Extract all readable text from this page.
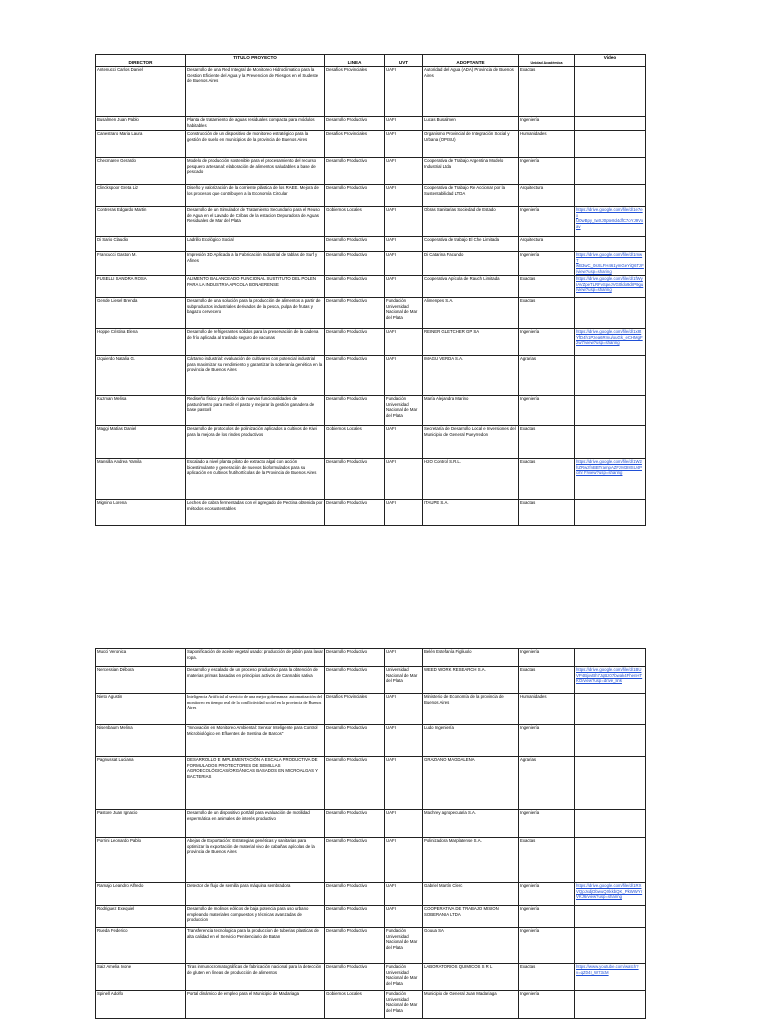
DIRECTOR	TITULO PROYECTO	LINEA	UVT	ADOPTANTE	Unidad Académica	Video
Antenucci Carlos Daniel	Desarrollo de una Red Integral de Monitoreo Hidroclimatico para la Gestion Eficiente del Agua y la Prevencion de Riesgos en el Sudeste de Buenos Aires	Desafios Provinciales	UAFI	Autoridad del Agua (ADA) Provincia de Buenos Aires	Exactas	
Busalmen Juan Pablo	Planta de tratamiento de aguas residuales compacta para módulos habitables	Desarrollo Productivo	UAFI	Lucas Busalmen	Ingeniería	
Canestraro Maria Laura	Construcción de un dispositivo de monitoreo estratégico para la gestión de suelo en municipios de la provincia de Buenos Aires	Desafios Provinciales	UAFI	Organismo Provincial de Integración Social y Urbana (OPISU)	Humanidades	
Checmarev Gerardo	Modelo de producción sostenible para el procesamiento del recurso pesquero artesanal: elaboración de alimentos saludables a base de pescado	Desarrollo Productivo	UAFI	Cooperativa de Trabajo Argentina Modelo Industrial Ltda	Ingeniería	
Clinckspoor Greta Liz	Diseño y valorización de la corriente plástica de los RAEE. Mejora de los procesos que contribuyen a la Economía Circular	Desarrollo Productivo	UAFI	Cooperativa de Trabajo Re Accionar por la Sustentabilidad LTDA	Arquitectura	
Contreras Edgardo Martin	Desarrollo de un Simulador de Tratamiento Secundario para el Reuso de Agua en el Lavado de Cribas de la estacion Depuradora de Aguas Residuales de Mar del Plata	Gobiernos Locales	UAFI	Obras Sanitarias Sociedad de Estado	Ingeniería	https://drive.google.com/file/d/1e7ex U0wBpy_twXJ0pte8d4dfC7oYJ9Vxav
Di Sario Claudio	Ladrillo Ecológico Social	Desarrollo Productivo	UAFI	Cooperativa de trabajo El Che Limitada	Arquitectura	
Francucci Gaston M.	Impresión 3D Aplicada a la Fabricación Industrial de tablas de Surf y Afines	Desarrollo Productivo	UAFI	Di Catarina Facundo	Ingeniería	https://drive.google.com/file/d/1mwT wB3wC_0sXLFH461ymGeYiQ6TzF/view?usp=sharing
FUSELLI SANDRA ROSA	ALIMENTO BALANCEADO FUNCIONAL SUSTITUTO DEL POLEN PARA LA INDUSTRIA APICOLA BONAERENSE	Desarrollo Productivo	UAFI	Cooperativa Apícola de Rauch Limitada	Exactas	https://drive.google.com/file/d/1fWyIAVZpeTLRFvSpeJVG0ldo9drP9gu/view?usp=sharing
Gende Liesel Brenda	Desarrollo de una solución para la producción de alimentos a partir de subproductos industriales derivados de la pesca, pulpa de frutas y bagazo cervecero	Desarrollo Productivo	Fundación Universidad Nacional de Mar del Plata	Alimenpes S.A.	Exactas	
Hoppe Cristina Elena	Desarrollo de refrigerantes sólidos para la preservación de la cadena de frío aplicada al traslado seguro de vacunas	Desarrollo Productivo	UAFI	REINER GLETCHER GP SA	Ingeniería	https://drive.google.com/file/d/1x8tYfD4h1Pzea6Rmu/ouGk_eCHMgF2w7/view?usp=sharing
Izquierdo Natalia G.	Cártamo industrial: evaluación de cultivares con potencial industrial para maximizar su rendimiento y garantizar la soberanía genética en la provincia de Buenos Aires	Desarrollo Productivo	UAFI	IMAGU VERDA S.A.	Agrarias	
Kuzman Melisa	Rediseño físico y definición de nuevas funcionalidades de pasturómetro para medir el pasto y mejorar la gestión ganadera de base pastoril	Desarrollo Productivo	Fundación Universidad Nacional de Mar del Plata	María Alejandra Marino	Ingeniería	
Maggi Matías Daniel	Desarrollo de protocolos de polinización aplicados a cultivos de Kiwi para la mejora de los rindes productivos	Gobiernos Locales	UAFI	Secretaría de Desarrollo Local e Inversiones del Municipio de General Pueyrredon	Exactas	
Mansilla Andrea Yamila	Escalado a nivel planta piloto de extracto algal con acción bioestimulante y generación de nuevos bioformulados para su aplicación en cultivos frutihortícolas de la Provincia de Buenos Aires	Desarrollo Productivo	UAFI	H2O Control S.R.L.	Exactas	https://drive.google.com/file/d/1W2hZRwzfnBBTrampAZFzM3I8SU4Pcihr F/view?usp=sharing
Mignino Lorena	Leches de cabra fermentadas con el agregado de Pectina obtenida por métodos ecosustentables	Desarrollo Productivo	UAFI	ITAUPE S.A.	Exactas	
Mucci Veronica	Saponificación de aceite vegetal usado: producción de jabón para lavar ropa.	Desarrollo Productivo	UAFI	Belén Estefanía Figliuolo	Ingeniería	
Nercessian Débora	Desarrollo y escalado de un proceso productivo para la obtención de materias primas basadas en principios activos de Cannabis sativa	Desarrollo Productivo	Universidad Nacional de Mar del Plata	WEED WORK RESEARCH S.A.	Exactas	https://drive.google.com/file/d/1BUVP4BjxvBh7JqBz07bwak4FhenHTKO/view?usp=drive_link
Nieto Agustin	Inteligencia Artificial al servicio de una mejor gobernanza: automatización del monitoreo en tiempo real de la conflictividad social en la provincia de Buenos Aires	Desafios Provinciales	UAFI	Ministerio de Economía de la provincia de Buenos Aires	Humanidades	
Nisenbaum Melina	"Innovación en Monitoreo Ambiental: Sensor Inteligente para Control Microbiológico en Efluentes de Sentina de Barcos"	Desarrollo Productivo	UAFI	Ludo Ingeniería	Ingeniería	
Pagnussat Luciana	DESARROLLO E IMPLEMENTACIÓN A ESCALA PRODUCTIVA DE FORMULADOS PROTECTORES DE SEMILLAS AGROECOLÓGICAS/ORGÁNICAS BASADOS EN MICROALGAS Y BACTERIAS	Desarrollo Productivo	UAFI	GRAZIANO MAGDALENA	Agrarias	
Pastore Juan Ignacio	Desarrollo de un dispositivo portátil para evaluación de motilidad espermática en animales de interés productivo	Desarrollo Productivo	UAFI	Machrey agropecuaria S.A.	Ingeniería	
Porrini Leonardo Pablo	Abejas de Exportación: Estrategias genéticas y sanitarias para optimizar la exportación de material vivo de cabañas apícolas de la provincia de Buenos Aires	Desarrollo Productivo	UAFI	Polinizadora Marplatense S.A.	Exactas	
Ramajo Leandro Alfredo	Detector de flujo de semilla para máquina sembradora	Desarrollo Productivo	UAFI	Gabriel Martín Clerc	Ingeniería	https://drive.google.com/file/d/1RXVQpJxdjDbwuQXkkbQK_PkWWYrVKJ6/view?usp=sharing
Rodriguez Exequiel	Desarrollo de molinos eólicos de baja potencia para uso urbano empleando materiales compuestos y técnicas avanzadas de produccion	Desarrollo Productivo	UAFI	COOPERATIVA DE TRABAJO MISION SOBERANIA LTDA	Ingeniería	
Rueda Federico	Transferencia tecnologica para la produccion de tuberias plasticas de alta calidad en el Servicio Penitenciario de Batan	Desarrollo Productivo	Fundación Universidad Nacional de Mar del Plata	Gouua SA	Ingeniería	
Saiz Amelia Ivone	Tiras inmunocromatográficas de fabricación nacional para la detección de gluten en líneas de producción de alimentos	Desarrollo Productivo	Fundación Universidad Nacional de Mar del Plata	LABORATORIOS QUIMICOS S R L	Exactas	https://www.youtube.com/watch?v=qZ04I_W73cM
Spinell Adolfo	Portal dinámico de empleo para el Municipio de Madariaga	Gobiernos Locales	Fundación Universidad Nacional de Mar del Plata	Municipio de General Juan Madariaga	Ingeniería	
